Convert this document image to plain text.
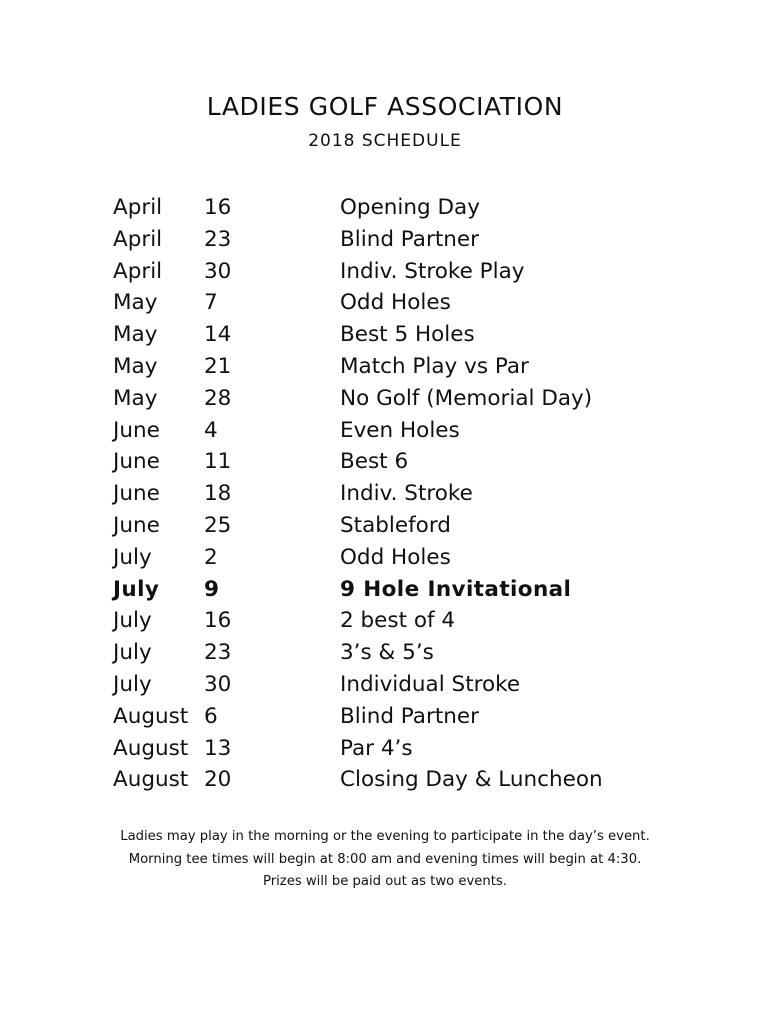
LADIES GOLF ASSOCIATION
2018 SCHEDULE
April 16	Opening Day
April 23	Blind Partner
April 30	Indiv. Stroke Play
May 7	Odd Holes
May 14	Best 5 Holes
May 21	Match Play vs Par
May 28	No Golf (Memorial Day)
June 4	Even Holes
June 11	Best 6
June 18	Indiv. Stroke
June 25	Stableford
July 2	Odd Holes
July 9	9 Hole Invitational
July 16	2 best of 4
July 23	3’s & 5’s
July 30	Individual Stroke
August 6	Blind Partner
August 13	Par 4’s
August 20	Closing Day & Luncheon
Ladies may play in the morning or the evening to participate in the day’s event.
Morning tee times will begin at 8:00 am and evening times will begin at 4:30.
Prizes will be paid out as two events.
